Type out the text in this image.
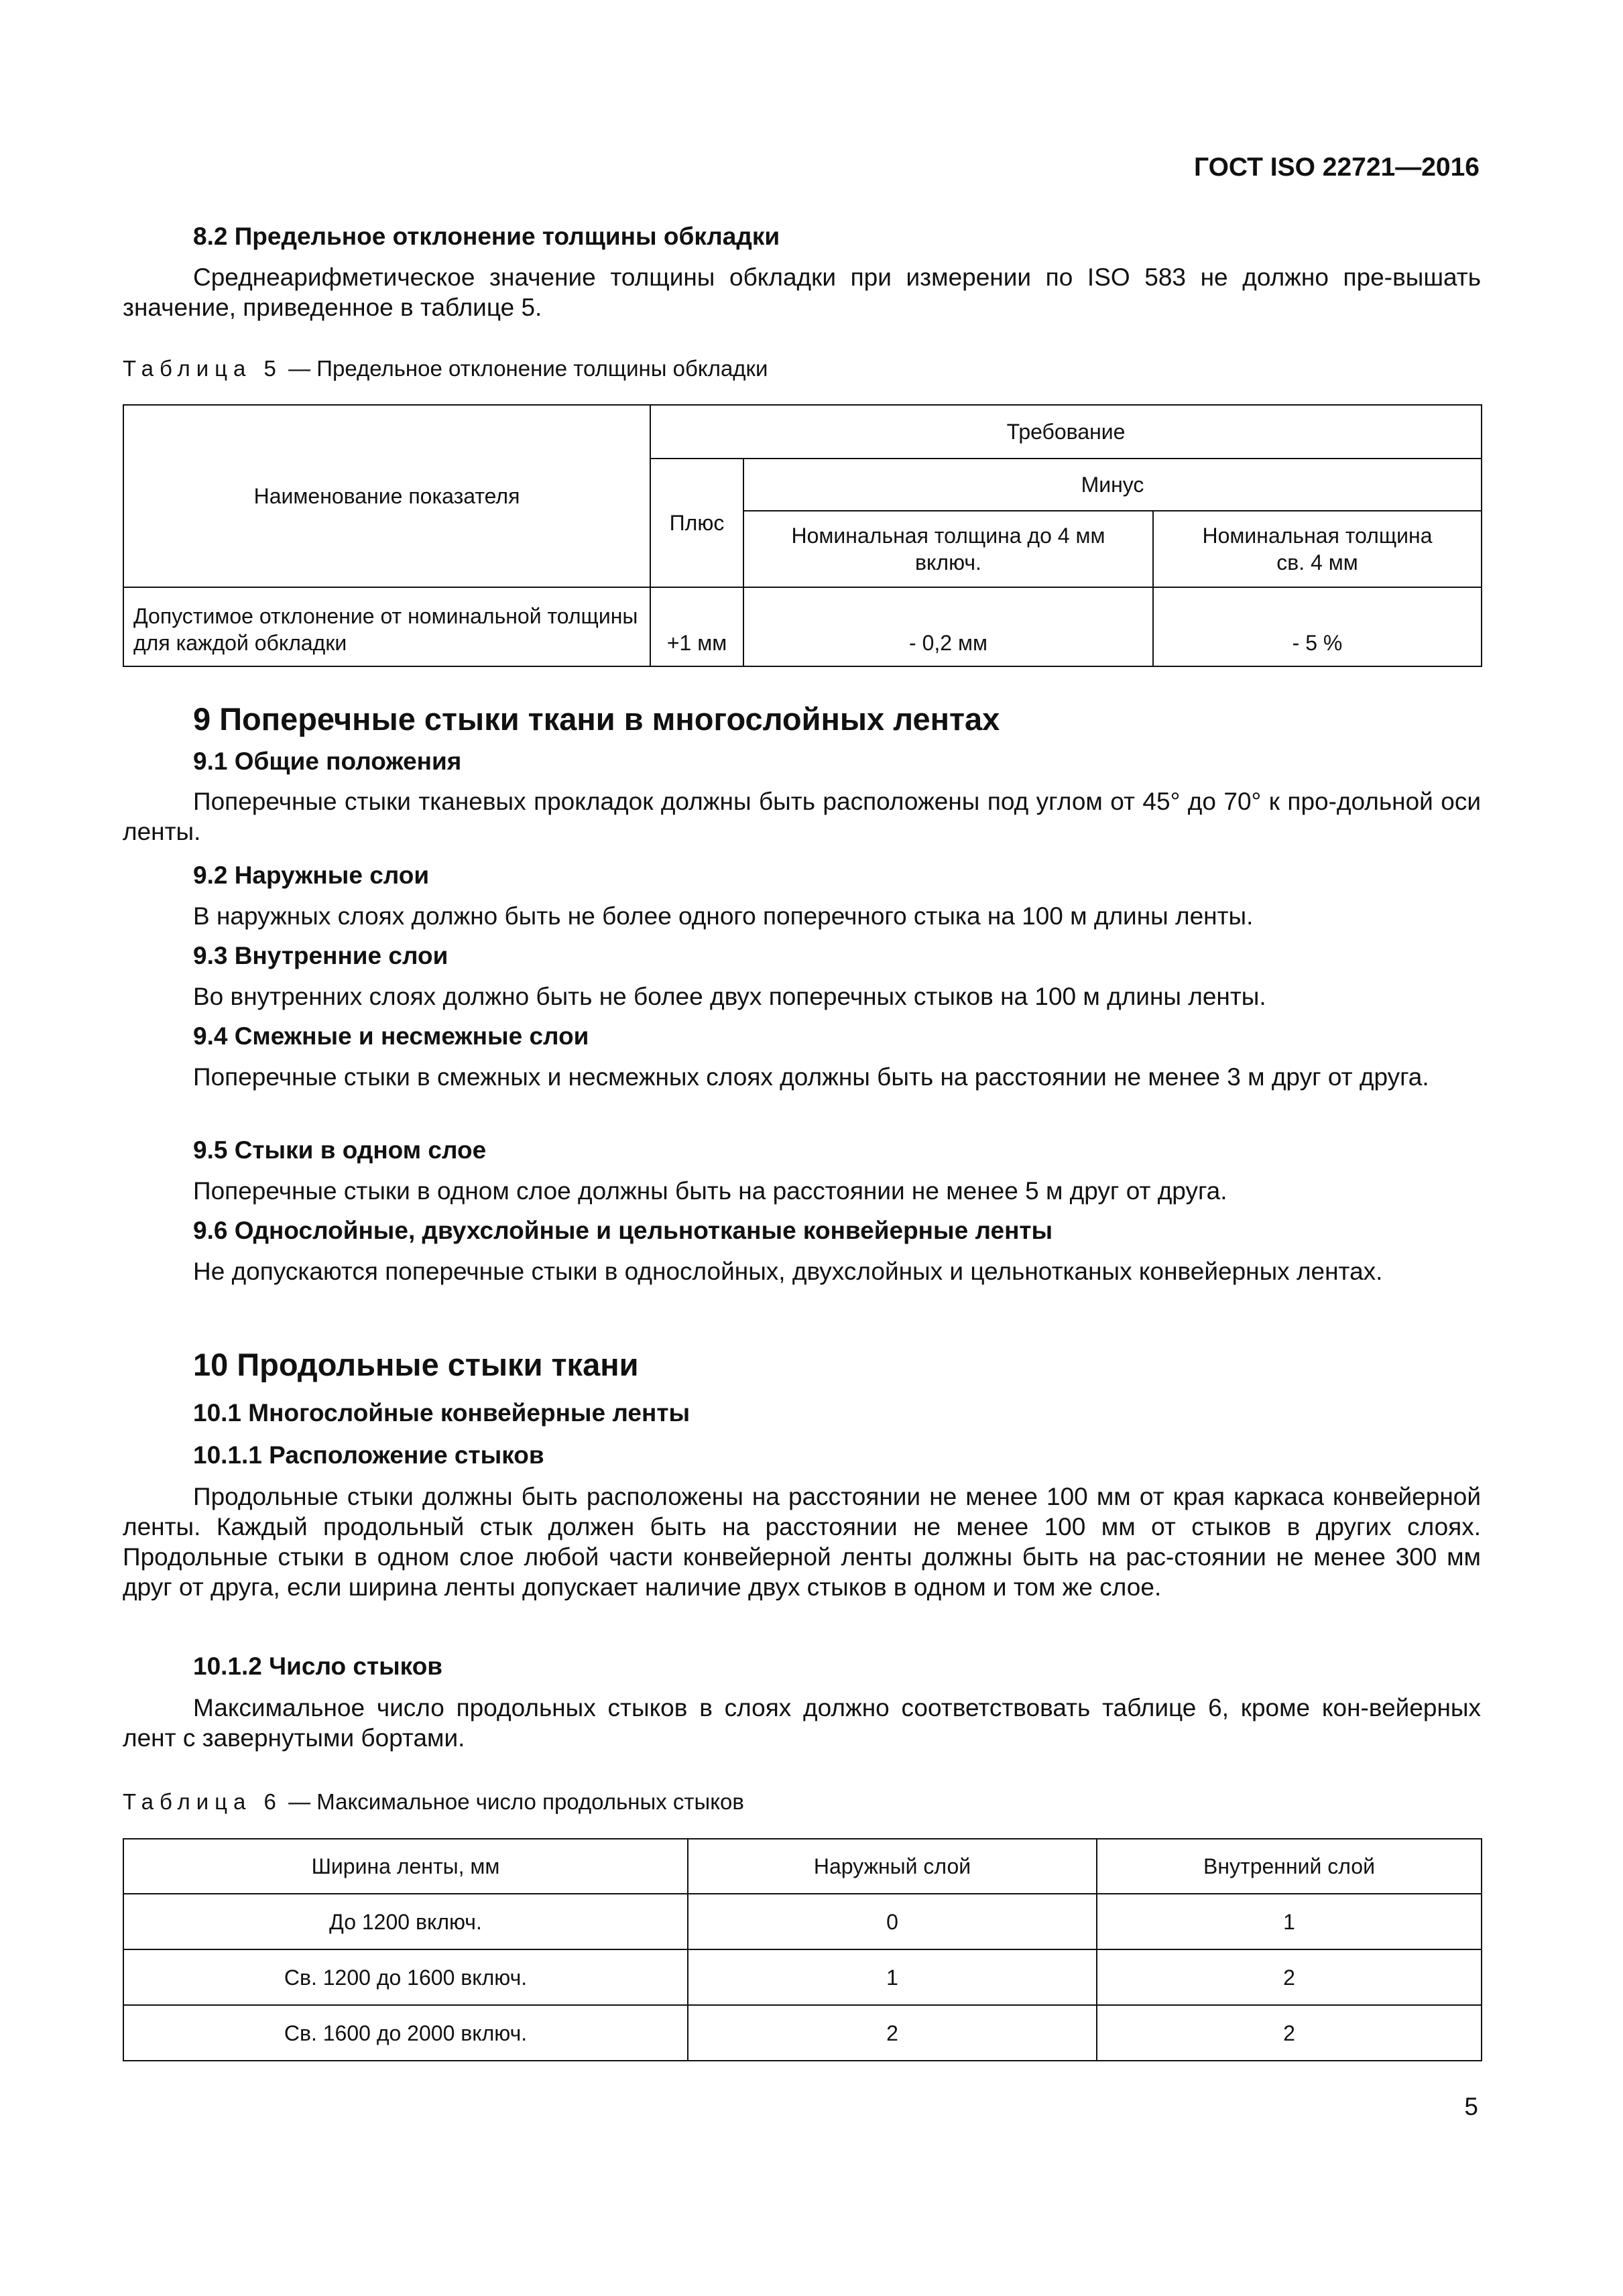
ГОСТ ISO 22721—2016
8.2 Предельное отклонение толщины обкладки
Среднеарифметическое значение толщины обкладки при измерении по ISO 583 не должно пре-вышать значение, приведенное в таблице 5.
Таблица 5 — Предельное отклонение толщины обкладки
Наименование показателя	Требование		
	Плюс	Минус	
		Номинальная толщина до 4 мм включ.	Номинальная толщина св. 4 мм
Допустимое отклонение от номинальной толщины для каждой обкладки	+1 мм	- 0,2 мм	- 5 %
9 Поперечные стыки ткани в многослойных лентах
9.1 Общие положения
Поперечные стыки тканевых прокладок должны быть расположены под углом от 45° до 70° к про-дольной оси ленты.
9.2 Наружные слои
В наружных слоях должно быть не более одного поперечного стыка на 100 м длины ленты.
9.3 Внутренние слои
Во внутренних слоях должно быть не более двух поперечных стыков на 100 м длины ленты.
9.4 Смежные и несмежные слои
Поперечные стыки в смежных и несмежных слоях должны быть на расстоянии не менее 3 м друг от друга.
9.5 Стыки в одном слое
Поперечные стыки в одном слое должны быть на расстоянии не менее 5 м друг от друга.
9.6 Однослойные, двухслойные и цельнотканые конвейерные ленты
Не допускаются поперечные стыки в однослойных, двухслойных и цельнотканых конвейерных лентах.
10 Продольные стыки ткани
10.1 Многослойные конвейерные ленты
10.1.1 Расположение стыков
Продольные стыки должны быть расположены на расстоянии не менее 100 мм от края каркаса конвейерной ленты. Каждый продольный стык должен быть на расстоянии не менее 100 мм от стыков в других слоях. Продольные стыки в одном слое любой части конвейерной ленты должны быть на рас-стоянии не менее 300 мм друг от друга, если ширина ленты допускает наличие двух стыков в одном и том же слое.
10.1.2 Число стыков
Максимальное число продольных стыков в слоях должно соответствовать таблице 6, кроме кон-вейерных лент с завернутыми бортами.
Таблица 6 — Максимальное число продольных стыков
Ширина ленты, мм	Наружный слой	Внутренний слой
До 1200 включ.	0	1
Св. 1200 до 1600 включ.	1	2
Св. 1600 до 2000 включ.	2	2
5
